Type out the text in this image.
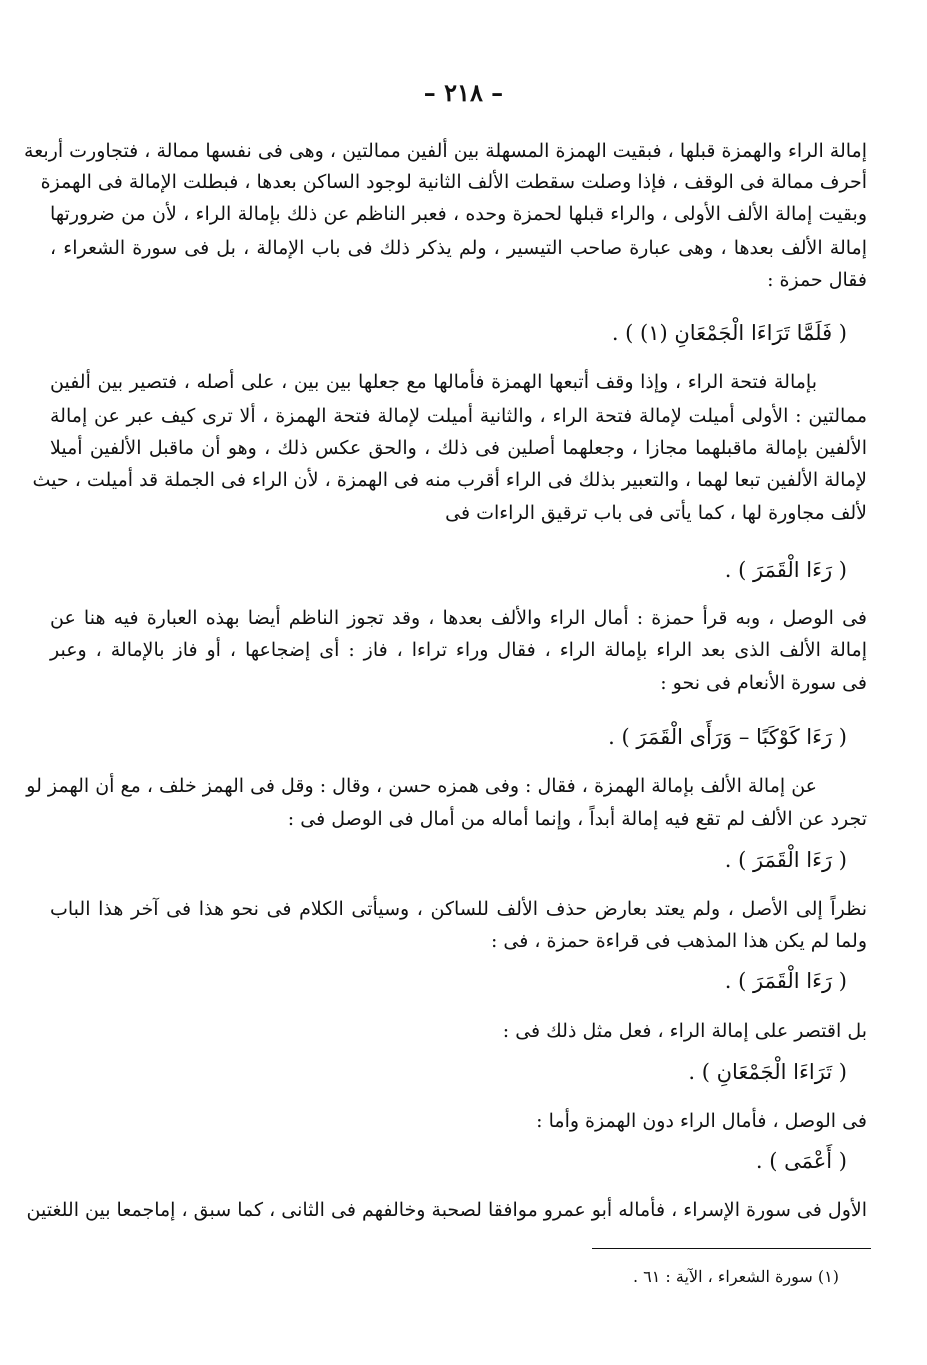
– ٢١٨ –
إمالة الراء والهمزة قبلها ، فبقيت الهمزة المسهلة بين ألفين ممالتين ، وهى فى نفسها ممالة ، فتجاورت أربعة
أحرف ممالة فى الوقف ، فإذا وصلت سقطت الألف الثانية لوجود الساكن بعدها ، فبطلت الإمالة فى الهمزة
وبقيت إمالة الألف الأولى ، والراء قبلها لحمزة وحده ، فعبر الناظم عن ذلك بإمالة الراء ، لأن من ضرورتها
إمالة الألف بعدها ، وهى عبارة صاحب التيسير ، ولم يذكر ذلك فى باب الإمالة ، بل فى سورة الشعراء ،
فقال حمزة :
( فَلَمَّا تَرَاءَا الْجَمْعَانِ (١) ) .
بإمالة فتحة الراء ، وإذا وقف أتبعها الهمزة فأمالها مع جعلها بين بين ، على أصله ، فتصير بين ألفين
ممالتين : الأولى أميلت لإمالة فتحة الراء ، والثانية أميلت لإمالة فتحة الهمزة ، ألا ترى كيف عبر عن إمالة
الألفين بإمالة ماقبلهما مجازا ، وجعلهما أصلين فى ذلك ، والحق عكس ذلك ، وهو أن ماقبل الألفين أميلا
لإمالة الألفين تبعا لهما ، والتعبير بذلك فى الراء أقرب منه فى الهمزة ، لأن الراء فى الجملة قد أميلت ، حيث
لألف مجاورة لها ، كما يأتى فى باب ترقيق الراءات فى
( رَءَا الْقَمَرَ ) .
فى الوصل ، وبه قرأ حمزة : أمال الراء والألف بعدها ، وقد تجوز الناظم أيضا بهذه العبارة فيه هنا عن
إمالة الألف الذى بعد الراء بإمالة الراء ، فقال وراء تراءا ، فاز : أى إضجاعها ، أو فاز بالإمالة ، وعبر
فى سورة الأنعام فى نحو :
( رَءَا كَوْكَبًا – وَرَأَى الْقَمَرَ ) .
عن إمالة الألف بإمالة الهمزة ، فقال : وفى همزه حسن ، وقال : وقل فى الهمز خلف ، مع أن الهمز لو
تجرد عن الألف لم تقع فيه إمالة أبداً ، وإنما أماله من أمال فى الوصل فى :
( رَءَا الْقَمَرَ ) .
نظراً إلى الأصل ، ولم يعتد بعارض حذف الألف للساكن ، وسيأتى الكلام فى نحو هذا فى آخر هذا الباب
ولما لم يكن هذا المذهب فى قراءة حمزة ، فى :
( رَءَا الْقَمَرَ ) .
بل اقتصر على إمالة الراء ، فعل مثل ذلك فى :
( تَرَاءَا الْجَمْعَانِ ) .
فى الوصل ، فأمال الراء دون الهمزة وأما :
( أَعْمَى ) .
الأول فى سورة الإسراء ، فأماله أبو عمرو موافقا لصحبة وخالفهم فى الثانى ، كما سبق ، إماجمعا بين اللغتين
(١) سورة الشعراء ، الآية : ٦١ .
